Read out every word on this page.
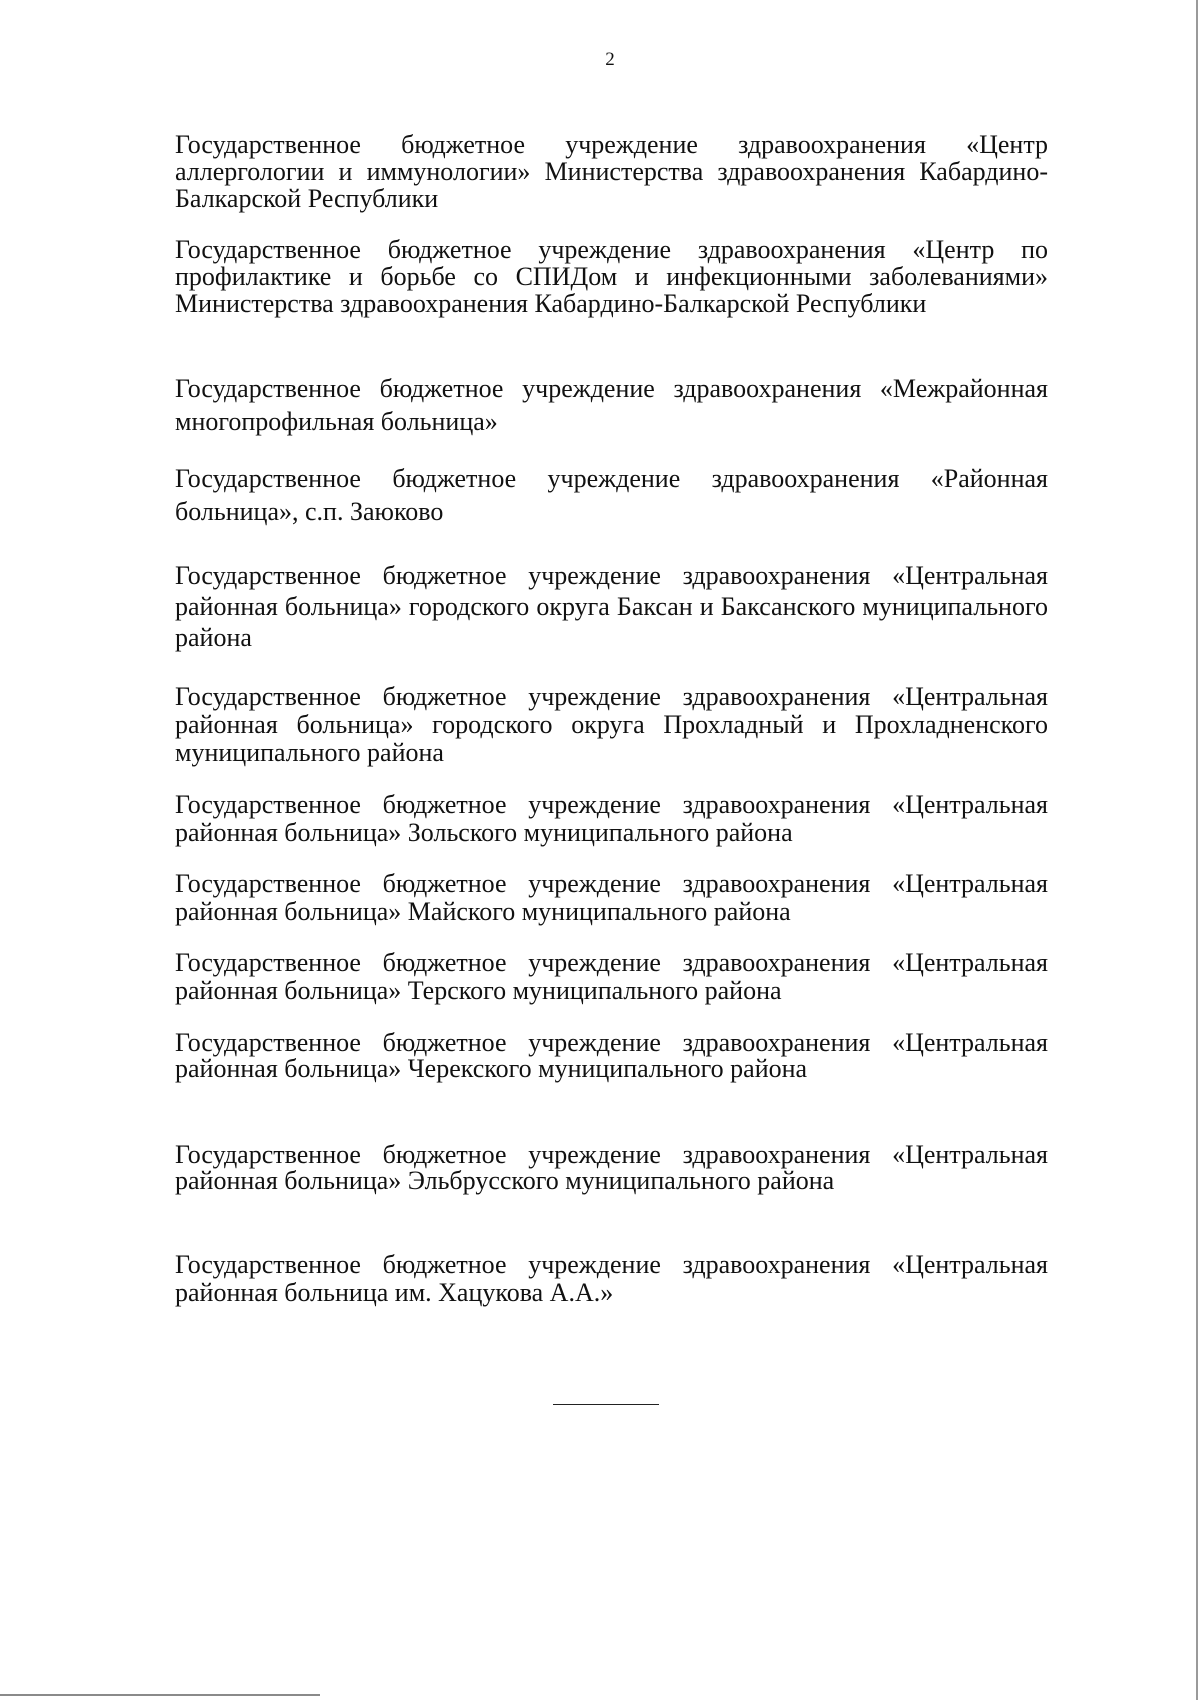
2

Государственное бюджетное учреждение здравоохранения «Центр аллергологии и иммунологии» Министерства здравоохранения Кабардино-Балкарской Республики

Государственное бюджетное учреждение здравоохранения «Центр по профилактике и борьбе со СПИДом и инфекционными заболеваниями» Министерства здравоохранения Кабардино-Балкарской Республики

Государственное бюджетное учреждение здравоохранения «Межрайонная многопрофильная больница»

Государственное бюджетное учреждение здравоохранения «Районная больница», с.п. Заюково

Государственное бюджетное учреждение здравоохранения «Центральная районная больница» городского округа Баксан и Баксанского муниципального района

Государственное бюджетное учреждение здравоохранения «Центральная районная больница» городского округа Прохладный и Прохладненского муниципального района

Государственное бюджетное учреждение здравоохранения «Центральная районная больница» Зольского муниципального района

Государственное бюджетное учреждение здравоохранения «Центральная районная больница» Майского муниципального района

Государственное бюджетное учреждение здравоохранения «Центральная районная больница» Терского муниципального района

Государственное бюджетное учреждение здравоохранения «Центральная районная больница» Черекского муниципального района

Государственное бюджетное учреждение здравоохранения «Центральная районная больница» Эльбрусского муниципального района

Государственное бюджетное учреждение здравоохранения «Центральная районная больница им. Хацукова А.А.»
